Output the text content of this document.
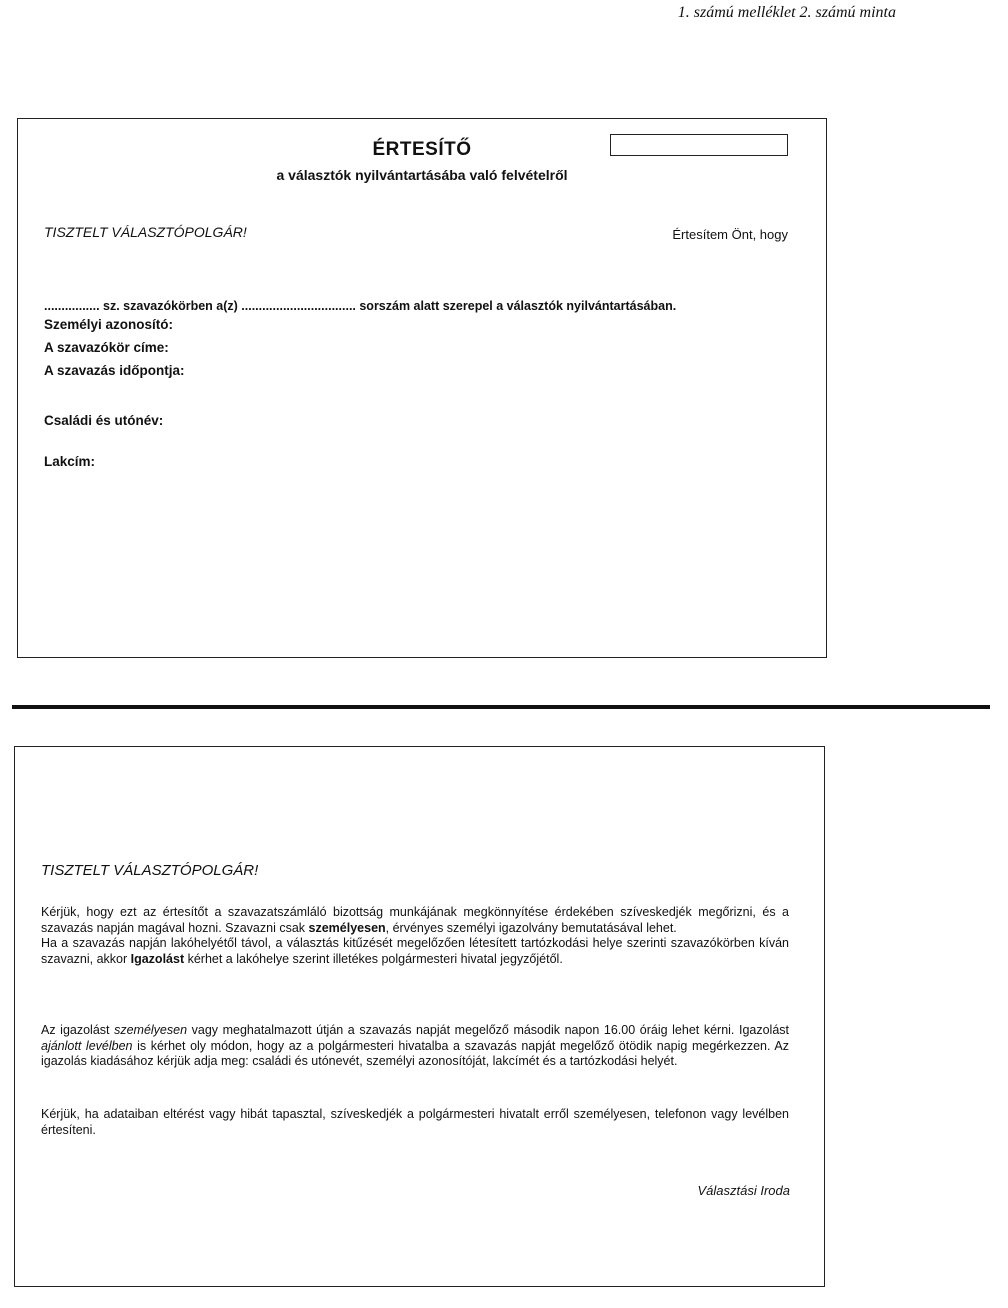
1. számú melléklet 2. számú minta
ÉRTESÍTŐ
a választók nyilvántartásába való felvételről
TISZTELT VÁLASZTÓPOLGÁR!	Értesítem Önt, hogy
................ sz. szavazókörben a(z) ................................. sorszám alatt szerepel a választók nyilvántartásában.
Személyi azonosító:
A szavazókör címe:
A szavazás időpontja:
Családi és utónév:
Lakcím:
TISZTELT VÁLASZTÓPOLGÁR!
Kérjük, hogy ezt az értesítőt a szavazatszámláló bizottság munkájának megkönnyítése érdekében szíveskedjék megőrizni, és a szavazás napján magával hozni. Szavazni csak személyesen, érvényes személyi igazolvány bemutatásával lehet.
Ha a szavazás napján lakóhelyétől távol, a választás kitűzését megelőzően létesített tartózkodási helye szerinti szavazókörben kíván szavazni, akkor Igazolást kérhet a lakóhelye szerint illetékes polgármesteri hivatal jegyzőjétől.
Az igazolást személyesen vagy meghatalmazott útján a szavazás napját megelőző második napon 16.00 óráig lehet kérni. Igazolást ajánlott levélben is kérhet oly módon, hogy az a polgármesteri hivatalba a szavazás napját megelőző ötödik napig megérkezzen. Az igazolás kiadásához kérjük adja meg: családi és utónevét, személyi azonosítóját, lakcímét és a tartózkodási helyét.
Kérjük, ha adataiban eltérést vagy hibát tapasztal, szíveskedjék a polgármesteri hivatalt erről személyesen, telefonon vagy levélben értesíteni.
Választási Iroda
